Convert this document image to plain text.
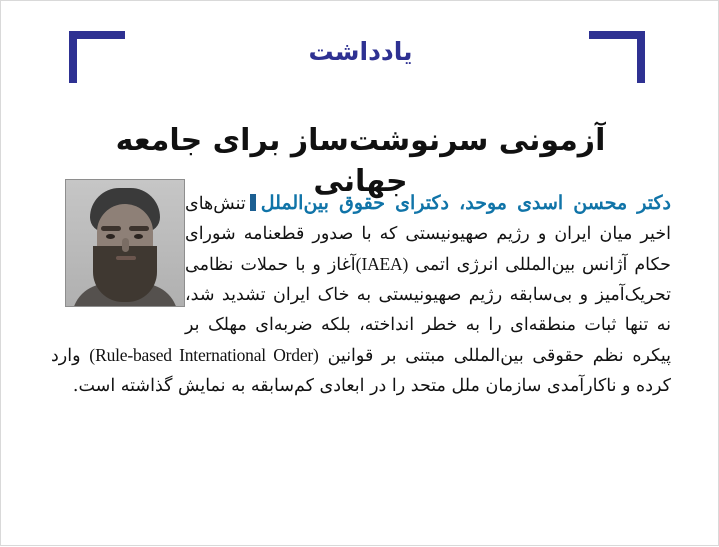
یادداشت
آزمونی سرنوشت‌ساز برای جامعه جهانی

دکتر محسن اسدی موحد، دکترای حقوق بین‌المللتنش‌های اخیر میان ایران و رژیم صهیونیستی که با صدور قطعنامه شورای حکام آژانس بین‌المللی انرژی اتمی (IAEA)آغاز و با حملات نظامی تحریک‌آمیز و بی‌سابقه رژیم صهیونیستی به خاک ایران تشدید شد، نه تنها ثبات منطقه‌ای را به خطر انداخته، بلکه ضربه‌ای مهلک بر پیکره نظم حقوقی بین‌المللی مبتنی بر قوانین (Rule-based International Order) وارد کرده و ناکارآمدی سازمان ملل متحد را در ابعادی کم‌سابقه به نمایش گذاشته است.
